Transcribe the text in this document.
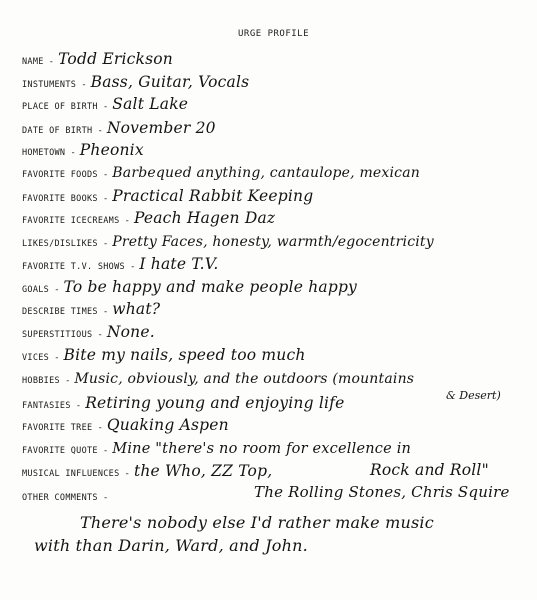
URGE PROFILE
NAME - Todd Erickson
INSTUMENTS - Bass, Guitar, Vocals
PLACE OF BIRTH - Salt Lake
DATE OF BIRTH - November 20
HOMETOWN - Pheonix
FAVORITE FOODS - Barbequed anything, cantaulope, mexican
FAVORITE BOOKS - Practical Rabbit Keeping
FAVORITE ICECREAMS - Peach Hagen Daz
LIKES/DISLIKES - Pretty Faces, honesty, warmth/egocentricity
FAVORITE T.V. SHOWS - I hate T.V.
GOALS - To be happy and make people happy
DESCRIBE TIMES - what?
SUPERSTITIOUS - None.
VICES - Bite my nails, speed too much
HOBBIES - Music, obviously, and the outdoors (mountains
& Desert)
FANTASIES - Retiring young and enjoying life
FAVORITE TREE - Quaking Aspen
FAVORITE QUOTE - Mine "there's no room for excellence in
MUSICAL INFLUENCES - the Who, ZZ Top,	Rock and Roll"
OTHER COMMENTS -	The Rolling Stones, Chris Squire
There's nobody else I'd rather make music
with than Darin, Ward, and John.
